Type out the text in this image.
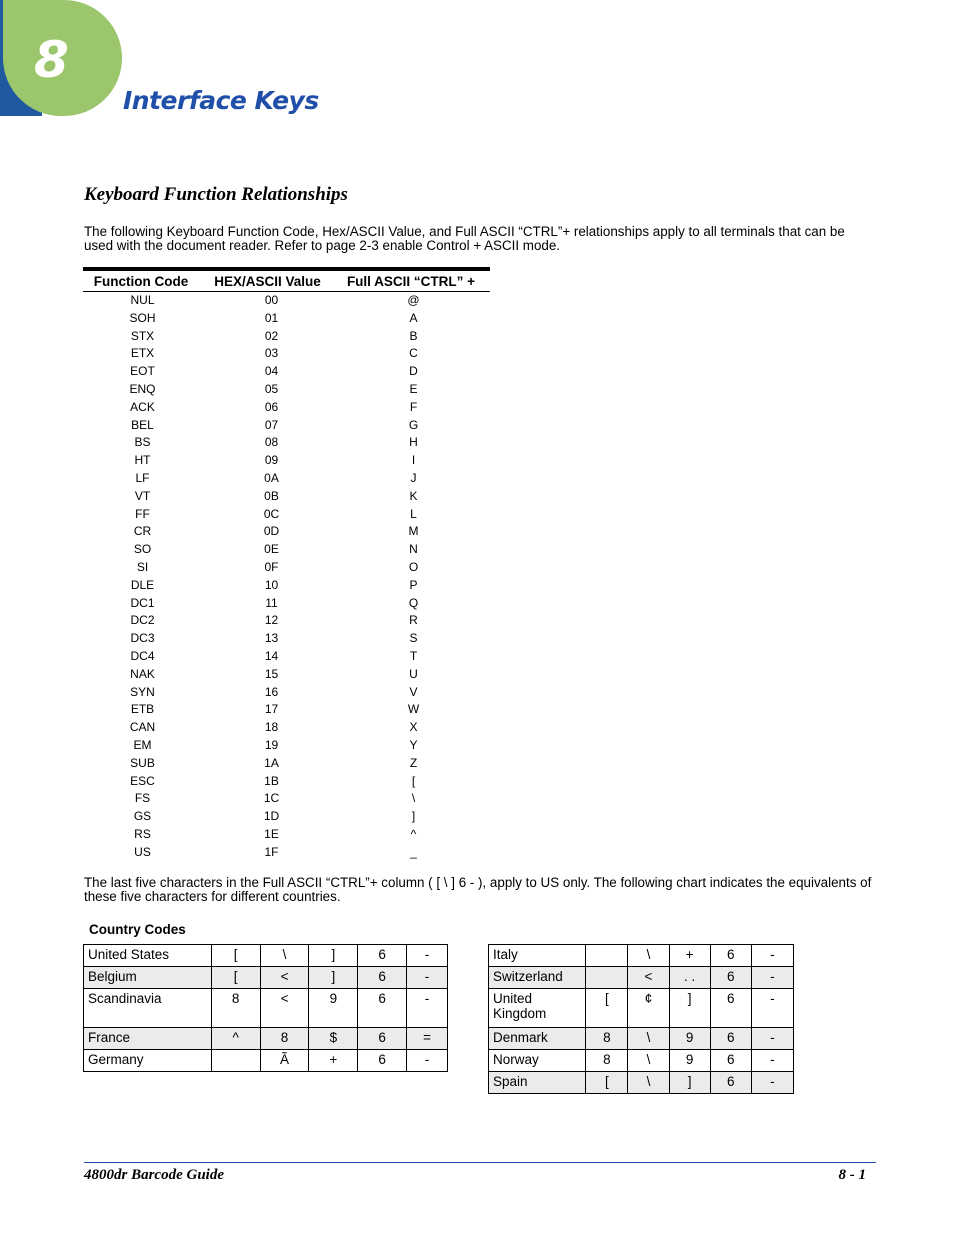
8
Interface Keys
Keyboard Function Relationships
The following Keyboard Function Code, Hex/ASCII Value, and Full ASCII “CTRL”+ relationships apply to all terminals that can be used with the document reader. Refer to page 2-3 enable Control + ASCII mode.
Function Code	HEX/ASCII Value	Full ASCII “CTRL” +
NUL	00	@
SOH	01	A
STX	02	B
ETX	03	C
EOT	04	D
ENQ	05	E
ACK	06	F
BEL	07	G
BS	08	H
HT	09	I
LF	0A	J
VT	0B	K
FF	0C	L
CR	0D	M
SO	0E	N
SI	0F	O
DLE	10	P
DC1	11	Q
DC2	12	R
DC3	13	S
DC4	14	T
NAK	15	U
SYN	16	V
ETB	17	W
CAN	18	X
EM	19	Y
SUB	1A	Z
ESC	1B	[
FS	1C	\
GS	1D	]
RS	1E	^
US	1F	_
The last five characters in the Full ASCII “CTRL”+ column ( [ \ ] 6 - ), apply to US only. The following chart indicates the equivalents of these five characters for different countries.
Country Codes
United States	[	\	]	6	-
Belgium	[	<	]	6	-
Scandinavia	8	<	9	6	-
France	^	8	$	6	=
Germany		Ã	+	6	-
Italy		\	+	6	-
Switzerland		<	. .	6	-
United Kingdom	[	¢	]	6	-
Denmark	8	\	9	6	-
Norway	8	\	9	6	-
Spain	[	\	]	6	-
4800dr Barcode Guide	8 - 1
